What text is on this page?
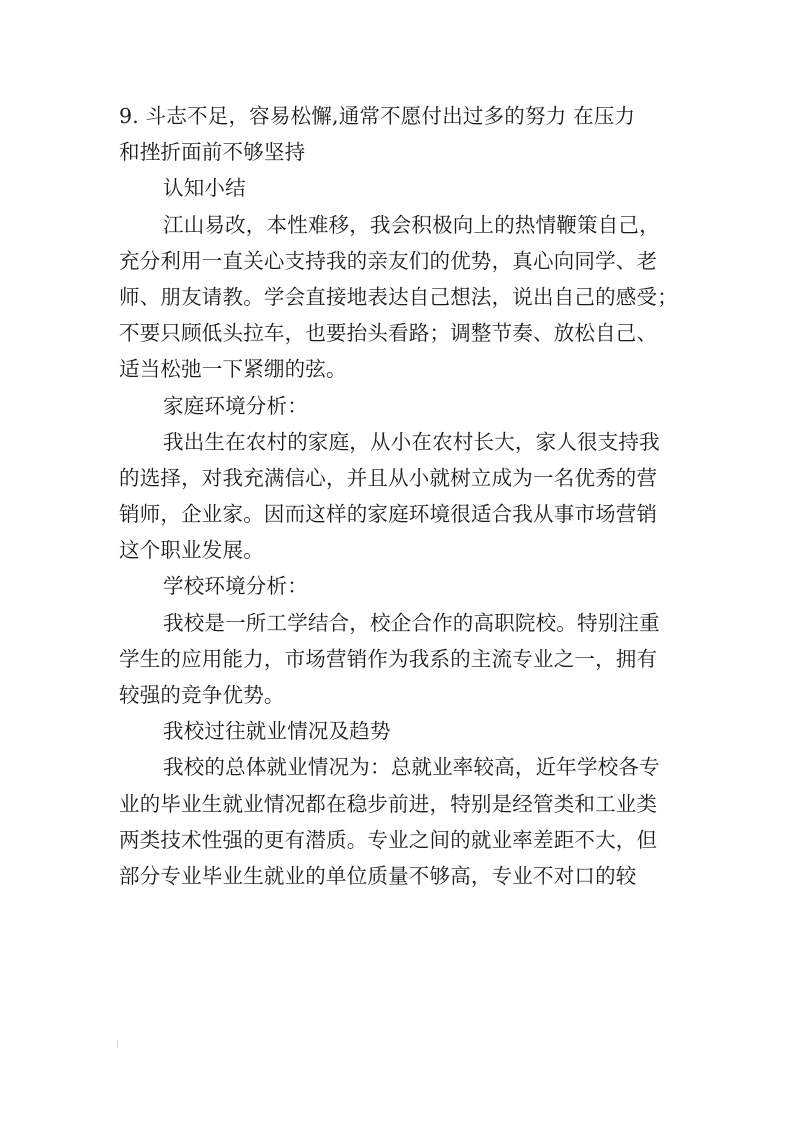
9. 斗志不足，容易松懈,通常不愿付出过多的努力 在压力
和挫折面前不够坚持
认知小结
江山易改，本性难移，我会积极向上的热情鞭策自己，
充分利用一直关心支持我的亲友们的优势，真心向同学、老
师、朋友请教。学会直接地表达自己想法，说出自己的感受；
不要只顾低头拉车，也要抬头看路；调整节奏、放松自己、
适当松弛一下紧绷的弦。
家庭环境分析：
我出生在农村的家庭，从小在农村长大，家人很支持我
的选择，对我充满信心，并且从小就树立成为一名优秀的营
销师，企业家。因而这样的家庭环境很适合我从事市场营销
这个职业发展。
学校环境分析：
我校是一所工学结合，校企合作的高职院校。特别注重
学生的应用能力，市场营销作为我系的主流专业之一，拥有
较强的竞争优势。
我校过往就业情况及趋势
我校的总体就业情况为：总就业率较高，近年学校各专
业的毕业生就业情况都在稳步前进，特别是经管类和工业类
两类技术性强的更有潜质。专业之间的就业率差距不大，但
部分专业毕业生就业的单位质量不够高，专业不对口的较
